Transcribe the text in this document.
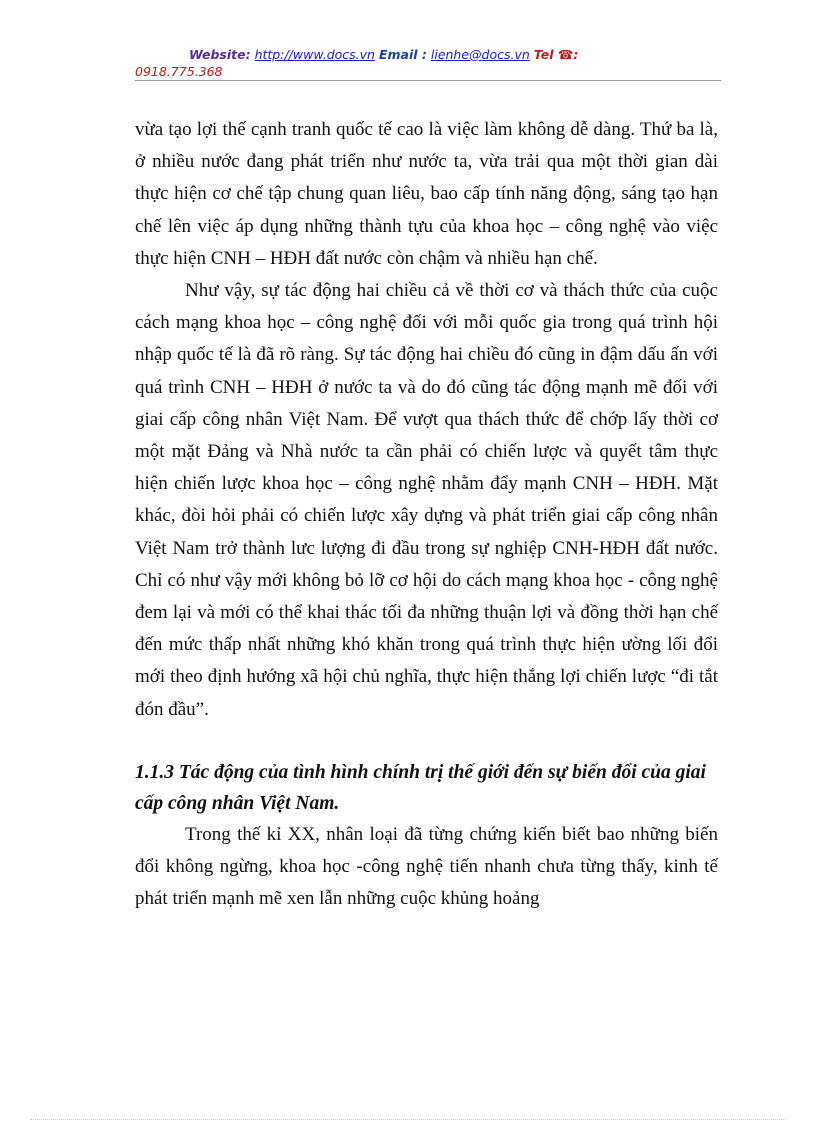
Website: http://www.docs.vn Email : lienhe@docs.vn Tel ☎:
0918.775.368

vừa tạo lợi thế cạnh tranh quốc tế cao là việc làm không dễ dàng. Thứ ba là, ở nhiều nước đang phát triển như nước ta, vừa trải qua một thời gian dài thực hiện cơ chế tập chung quan liêu, bao cấp tính năng động, sáng tạo hạn chế lên việc áp dụng những thành tựu của khoa học – công nghệ vào việc thực hiện CNH – HĐH đất nước còn chậm và nhiều hạn chế.

Như vậy, sự tác động hai chiều cả về thời cơ và thách thức của cuộc cách mạng khoa học – công nghệ đối với mỗi quốc gia trong quá trình hội nhập quốc tế là đã rõ ràng. Sự tác động hai chiều đó cũng in đậm dấu ấn với quá trình CNH – HĐH ở nước ta và do đó cũng tác động mạnh mẽ đối với giai cấp công nhân Việt Nam. Để vượt qua thách thức để chớp lấy thời cơ một mặt Đảng và Nhà nước ta cần phải có chiến lược và quyết tâm thực hiện chiến lược khoa học – công nghệ nhằm đẩy mạnh CNH – HĐH. Mặt khác, đòi hỏi phải có chiến lược xây dựng và phát triển giai cấp công nhân Việt Nam trở thành lưc lượng đi đầu trong sự nghiệp CNH-HĐH đất nước. Chỉ có như vậy mới không bỏ lỡ cơ hội do cách mạng khoa học - công nghệ đem lại và mới có thể khai thác tối đa những thuận lợi và đồng thời hạn chế đến mức thấp nhất những khó khăn trong quá trình thực hiện ường lối đổi mới theo định hướng xã hội chủ nghĩa, thực hiện thắng lợi chiến lược “đi tắt đón đầu”.

1.1.3 Tác động của tình hình chính trị thế giới đến sự biến đổi của giai cấp công nhân Việt Nam.

Trong thế kỉ XX, nhân loại đã từng chứng kiến biết bao những biến đổi không ngừng, khoa học -công nghệ tiến nhanh chưa từng thấy, kinh tế phát triển mạnh mẽ xen lẫn những cuộc khủng hoảng
